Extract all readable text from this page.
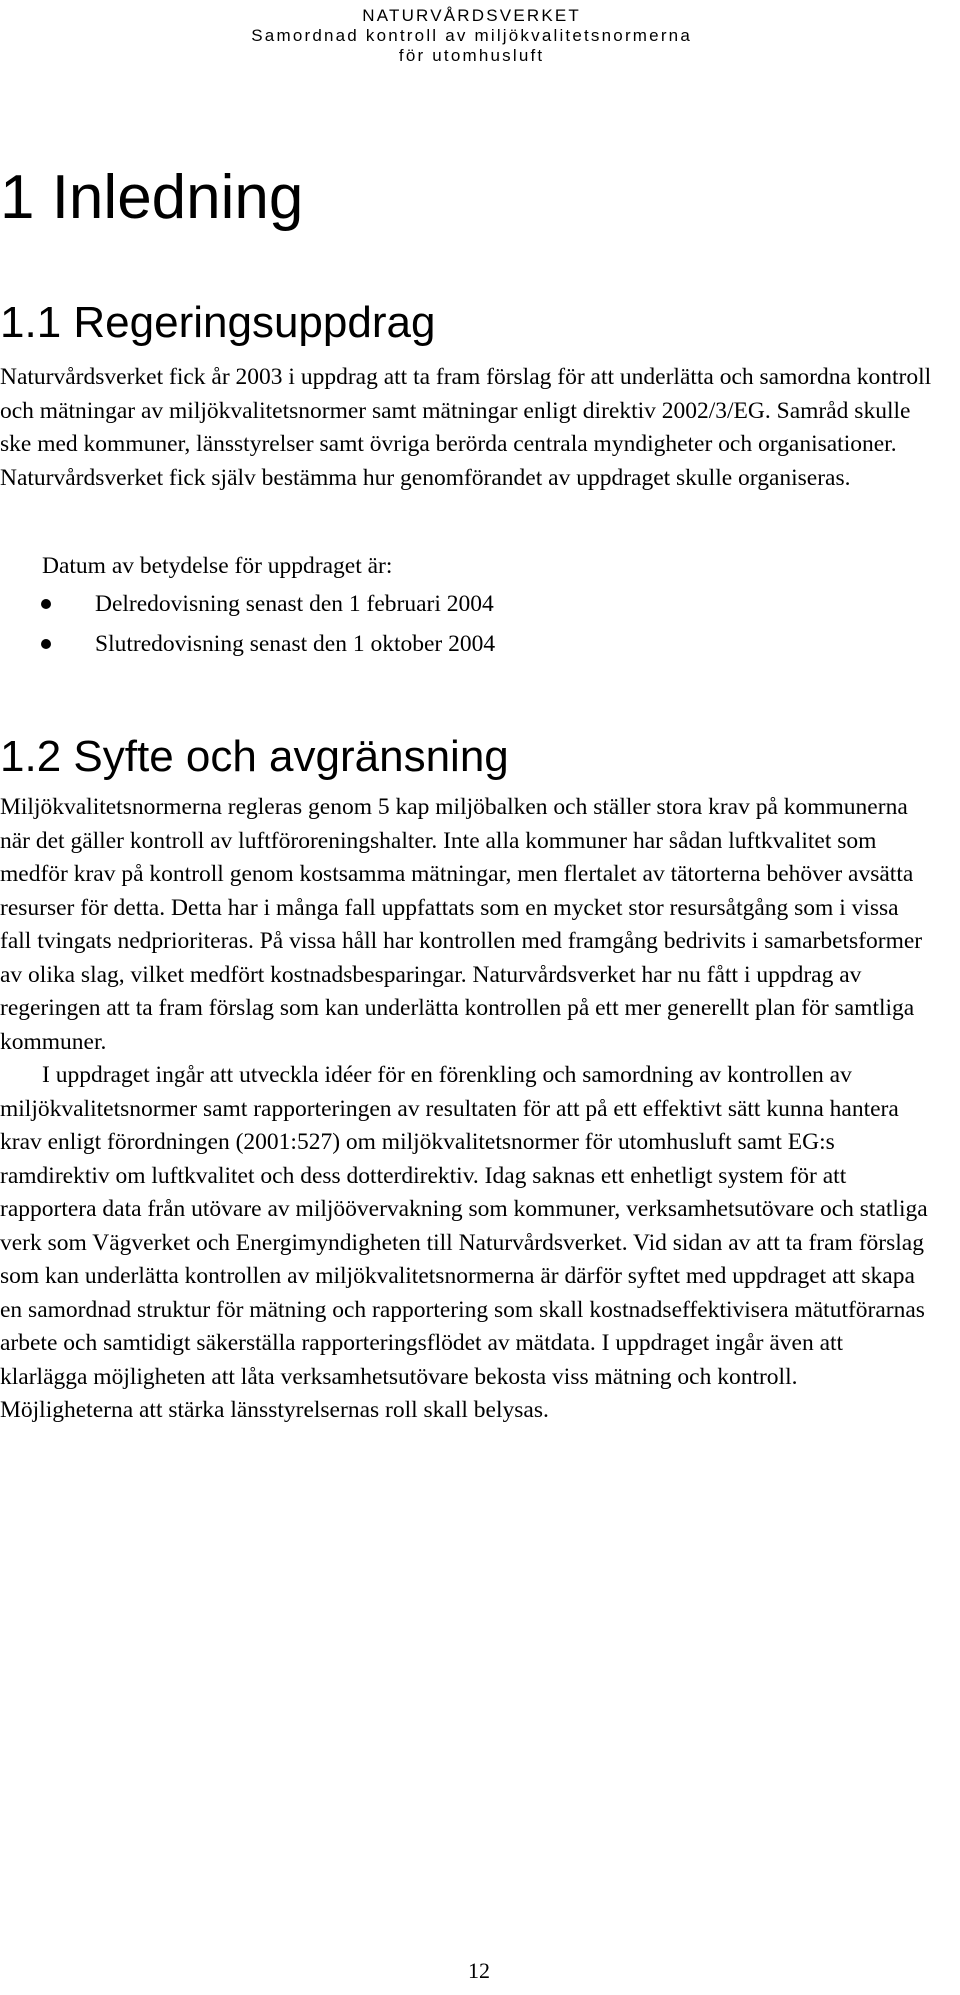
NATURVÅRDSVERKET
Samordnad kontroll av miljökvalitetsnormerna
för utomhusluft
1 Inledning
1.1 Regeringsuppdrag

Naturvårdsverket fick år 2003 i uppdrag att ta fram förslag för att underlätta och samordna kontroll och mätningar av miljökvalitetsnormer samt mätningar enligt direktiv 2002/3/EG. Samråd skulle ske med kommuner, länsstyrelser samt övriga berörda centrala myndigheter och organisationer. Naturvårdsverket fick själv bestämma hur genomförandet av uppdraget skulle organiseras.

Datum av betydelse för uppdraget är:
Delredovisning senast den 1 februari 2004
Slutredovisning senast den 1 oktober 2004
1.2 Syfte och avgränsning

Miljökvalitetsnormerna regleras genom 5 kap miljöbalken och ställer stora krav på kommunerna när det gäller kontroll av luftföroreningshalter. Inte alla kommuner har sådan luftkvalitet som medför krav på kontroll genom kostsamma mätningar, men flertalet av tätorterna behöver avsätta resurser för detta. Detta har i många fall uppfattats som en mycket stor resursåtgång som i vissa fall tvingats nedprioriteras. På vissa håll har kontrollen med framgång bedrivits i samarbetsformer av olika slag, vilket medfört kostnadsbesparingar. Naturvårdsverket har nu fått i uppdrag av regeringen att ta fram förslag som kan underlätta kontrollen på ett mer generellt plan för samtliga kommuner.

I uppdraget ingår att utveckla idéer för en förenkling och samordning av kontrollen av miljökvalitetsnormer samt rapporteringen av resultaten för att på ett effektivt sätt kunna hantera krav enligt förordningen (2001:527) om miljökvalitetsnormer för utomhusluft samt EG:s ramdirektiv om luftkvalitet och dess dotterdirektiv. Idag saknas ett enhetligt system för att rapportera data från utövare av miljöövervakning som kommuner, verksamhetsutövare och statliga verk som Vägverket och Energimyndigheten till Naturvårdsverket. Vid sidan av att ta fram förslag som kan underlätta kontrollen av miljökvalitetsnormerna är därför syftet med uppdraget att skapa en samordnad struktur för mätning och rapportering som skall kostnadseffektivisera mätutförarnas arbete och samtidigt säkerställa rapporteringsflödet av mätdata. I uppdraget ingår även att klarlägga möjligheten att låta verksamhetsutövare bekosta viss mätning och kontroll. Möjligheterna att stärka länsstyrelsernas roll skall belysas.

12
